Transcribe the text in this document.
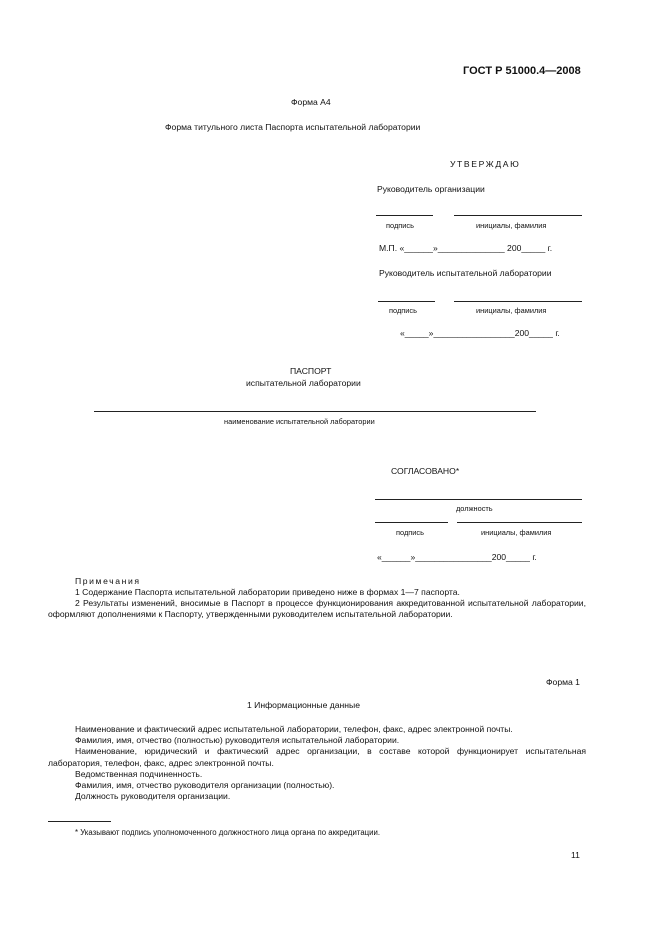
ГОСТ Р 51000.4—2008
Форма А4
Форма титульного листа Паспорта испытательной лаборатории
УТВЕРЖДАЮ
Руководитель организации
подпись	инициалы, фамилия
М.П. «______»______________ 200_____ г.
Руководитель испытательной лаборатории
подпись	инициалы, фамилия
«_____»_________________200_____ г.
ПАСПОРТ
испытательной лаборатории
наименование испытательной лаборатории
СОГЛАСОВАНО*
должность
подпись	инициалы, фамилия
«______»________________200_____ г.
Примечания

1 Содержание Паспорта испытательной лаборатории приведено ниже в формах 1—7 паспорта.

2 Результаты изменений, вносимые в Паспорт в процессе функционирования аккредитованной испытательной лаборатории, оформляют дополнениями к Паспорту, утвержденными руководителем испытательной лаборатории.

Форма 1
1 Информационные данные

Наименование и фактический адрес испытательной лаборатории, телефон, факс, адрес электронной почты.

Фамилия, имя, отчество (полностью) руководителя испытательной лаборатории.

Наименование, юридический и фактический адрес организации, в составе которой функционирует испытательная лаборатория, телефон, факс, адрес электронной почты.

Ведомственная подчиненность.

Фамилия, имя, отчество руководителя организации (полностью).

Должность руководителя организации.

* Указывают подпись уполномоченного должностного лица органа по аккредитации.
11
